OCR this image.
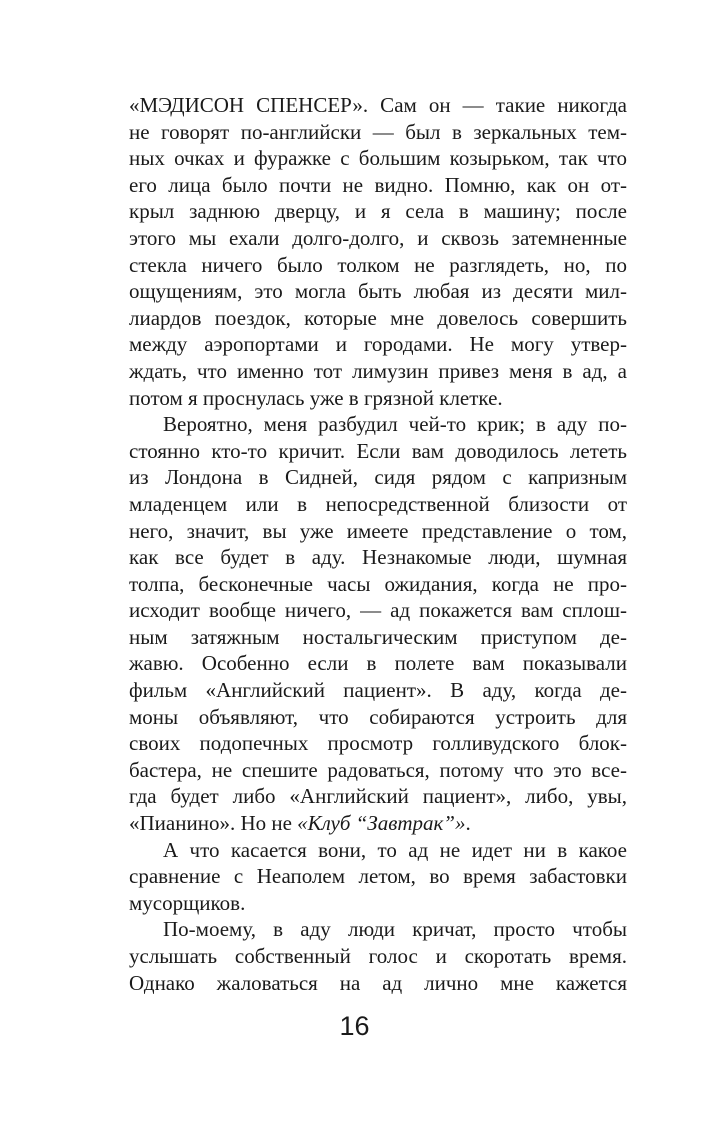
«МЭДИСОН СПЕНСЕР». Сам он — такие никогда
не говорят по-английски — был в зеркальных тем-
ных очках и фуражке с большим козырьком, так что
его лица было почти не видно. Помню, как он от-
крыл заднюю дверцу, и я села в машину; после
этого мы ехали долго-долго, и сквозь затемненные
стекла ничего было толком не разглядеть, но, по
ощущениям, это могла быть любая из десяти мил-
лиардов поездок, которые мне довелось совершить
между аэропортами и городами. Не могу утвер-
ждать, что именно тот лимузин привез меня в ад, а
потом я проснулась уже в грязной клетке.
Вероятно, меня разбудил чей-то крик; в аду по-
стоянно кто-то кричит. Если вам доводилось лететь
из Лондона в Сидней, сидя рядом с капризным
младенцем или в непосредственной близости от
него, значит, вы уже имеете представление о том,
как все будет в аду. Незнакомые люди, шумная
толпа, бесконечные часы ожидания, когда не про-
исходит вообще ничего, — ад покажется вам сплош-
ным затяжным ностальгическим приступом де-
жавю. Особенно если в полете вам показывали
фильм «Английский пациент». В аду, когда де-
моны объявляют, что собираются устроить для
своих подопечных просмотр голливудского блок-
бастера, не спешите радоваться, потому что это все-
гда будет либо «Английский пациент», либо, увы,
«Пианино». Но не «Клуб “Завтрак”».
А что касается вони, то ад не идет ни в какое
сравнение с Неаполем летом, во время забастовки
мусорщиков.
По-моему, в аду люди кричат, просто чтобы
услышать собственный голос и скоротать время.
Однако жаловаться на ад лично мне кажется
16
